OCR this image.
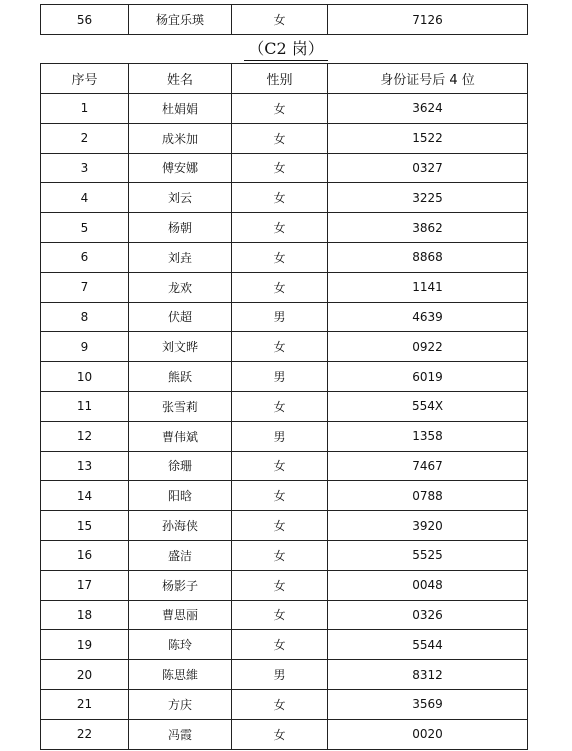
56	杨宜乐瑛	女	7126
（C2 岗）
序号	姓名	性别	身份证号后 4 位
1	杜娟娟	女	3624
2	成米加	女	1522
3	傅安娜	女	0327
4	刘云	女	3225
5	杨朝	女	3862
6	刘垚	女	8868
7	龙欢	女	1141
8	伏超	男	4639
9	刘文晔	女	0922
10	熊跃	男	6019
11	张雪莉	女	554X
12	曹伟斌	男	1358
13	徐珊	女	7467
14	阳晗	女	0788
15	孙海侠	女	3920
16	盛洁	女	5525
17	杨影子	女	0048
18	曹思丽	女	0326
19	陈玲	女	5544
20	陈思維	男	8312
21	方庆	女	3569
22	冯霞	女	0020
